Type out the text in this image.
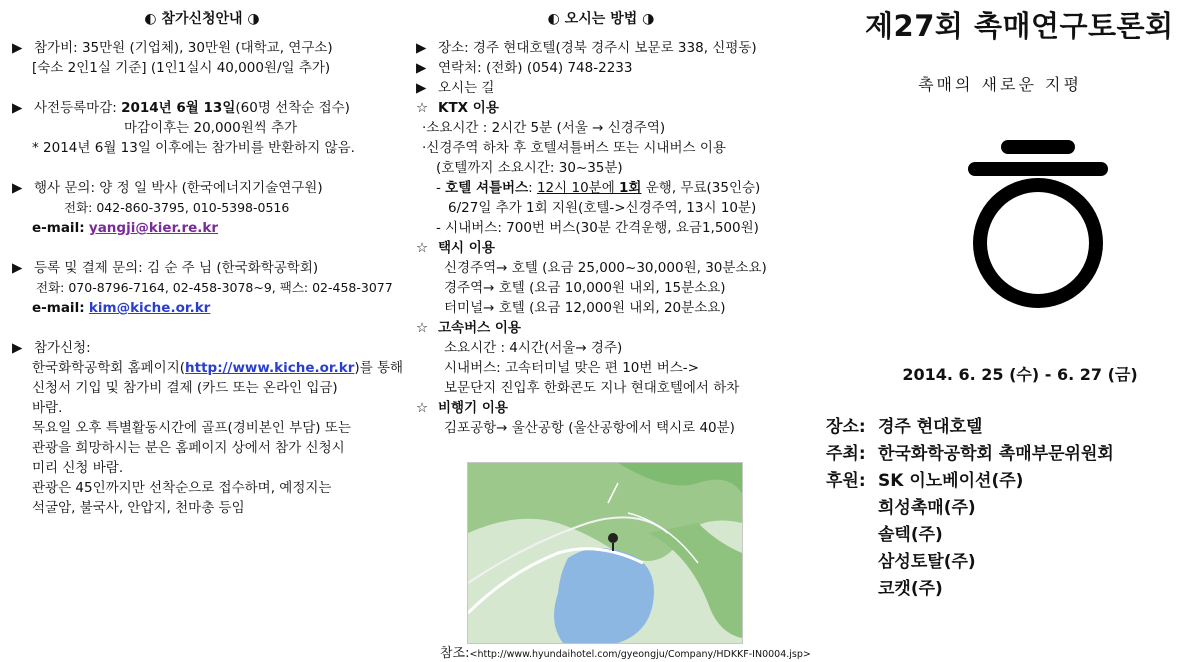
◐ 참가신청안내 ◑
▶ 참가비: 35만원 (기업체), 30만원 (대학교, 연구소)
[숙소 2인1실 기준] (1인1실시 40,000원/일 추가)
▶ 사전등록마감: 2014년 6월 13일(60명 선착순 접수)
마감이후는 20,000원씩 추가
* 2014년 6월 13일 이후에는 참가비를 반환하지 않음.
▶ 행사 문의: 양 정 일 박사 (한국에너지기술연구원)
전화: 042-860-3795, 010-5398-0516
e-mail: yangji@kier.re.kr
▶ 등록 및 결제 문의: 김 순 주 님 (한국화학공학회)
전화: 070-8796-7164, 02-458-3078~9, 팩스: 02-458-3077
e-mail: kim@kiche.or.kr
▶ 참가신청:
한국화학공학회 홈페이지(http://www.kiche.or.kr)를 통해
신청서 기입 및 참가비 결제 (카드 또는 온라인 입금)
바람.
목요일 오후 특별활동시간에 골프(경비본인 부담) 또는
관광을 희망하시는 분은 홈페이지 상에서 참가 신청시
미리 신청 바람.
관광은 45인까지만 선착순으로 접수하며, 예정지는
석굴암, 불국사, 안압지, 천마총 등임
◐ 오시는 방법 ◑
▶ 장소: 경주 현대호텔(경북 경주시 보문로 338, 신평동)
▶ 연락처: (전화) (054) 748-2233
▶ 오시는 길
☆ KTX 이용
·소요시간 : 2시간 5분 (서울 → 신경주역)
·신경주역 하차 후 호텔셔틀버스 또는 시내버스 이용
(호텔까지 소요시간: 30~35분)
- 호텔 셔틀버스: 12시 10분에 1회 운행, 무료(35인승)
6/27일 추가 1회 지원(호텔->신경주역, 13시 10분)
- 시내버스: 700번 버스(30분 간격운행, 요금1,500원)
☆ 택시 이용
신경주역→ 호텔 (요금 25,000~30,000원, 30분소요)
경주역→ 호텔 (요금 10,000원 내외, 15분소요)
터미널→ 호텔 (요금 12,000원 내외, 20분소요)
☆ 고속버스 이용
소요시간 : 4시간(서울→ 경주)
시내버스: 고속터미널 맞은 편 10번 버스->
보문단지 진입후 한화콘도 지나 현대호텔에서 하차
☆ 비행기 이용
김포공항→ 울산공항 (울산공항에서 택시로 40분)
참조:<http://www.hyundaihotel.com/gyeongju/Company/HDKKF-IN0004.jsp>
제27회 촉매연구토론회
촉매의 새로운 지평
2014. 6. 25 (수) - 6. 27 (금)
장소: 경주 현대호텔
주최: 한국화학공학회 촉매부문위원회
후원: SK 이노베이션(주)
희성촉매(주)
솔텍(주)
삼성토탈(주)
코캣(주)
